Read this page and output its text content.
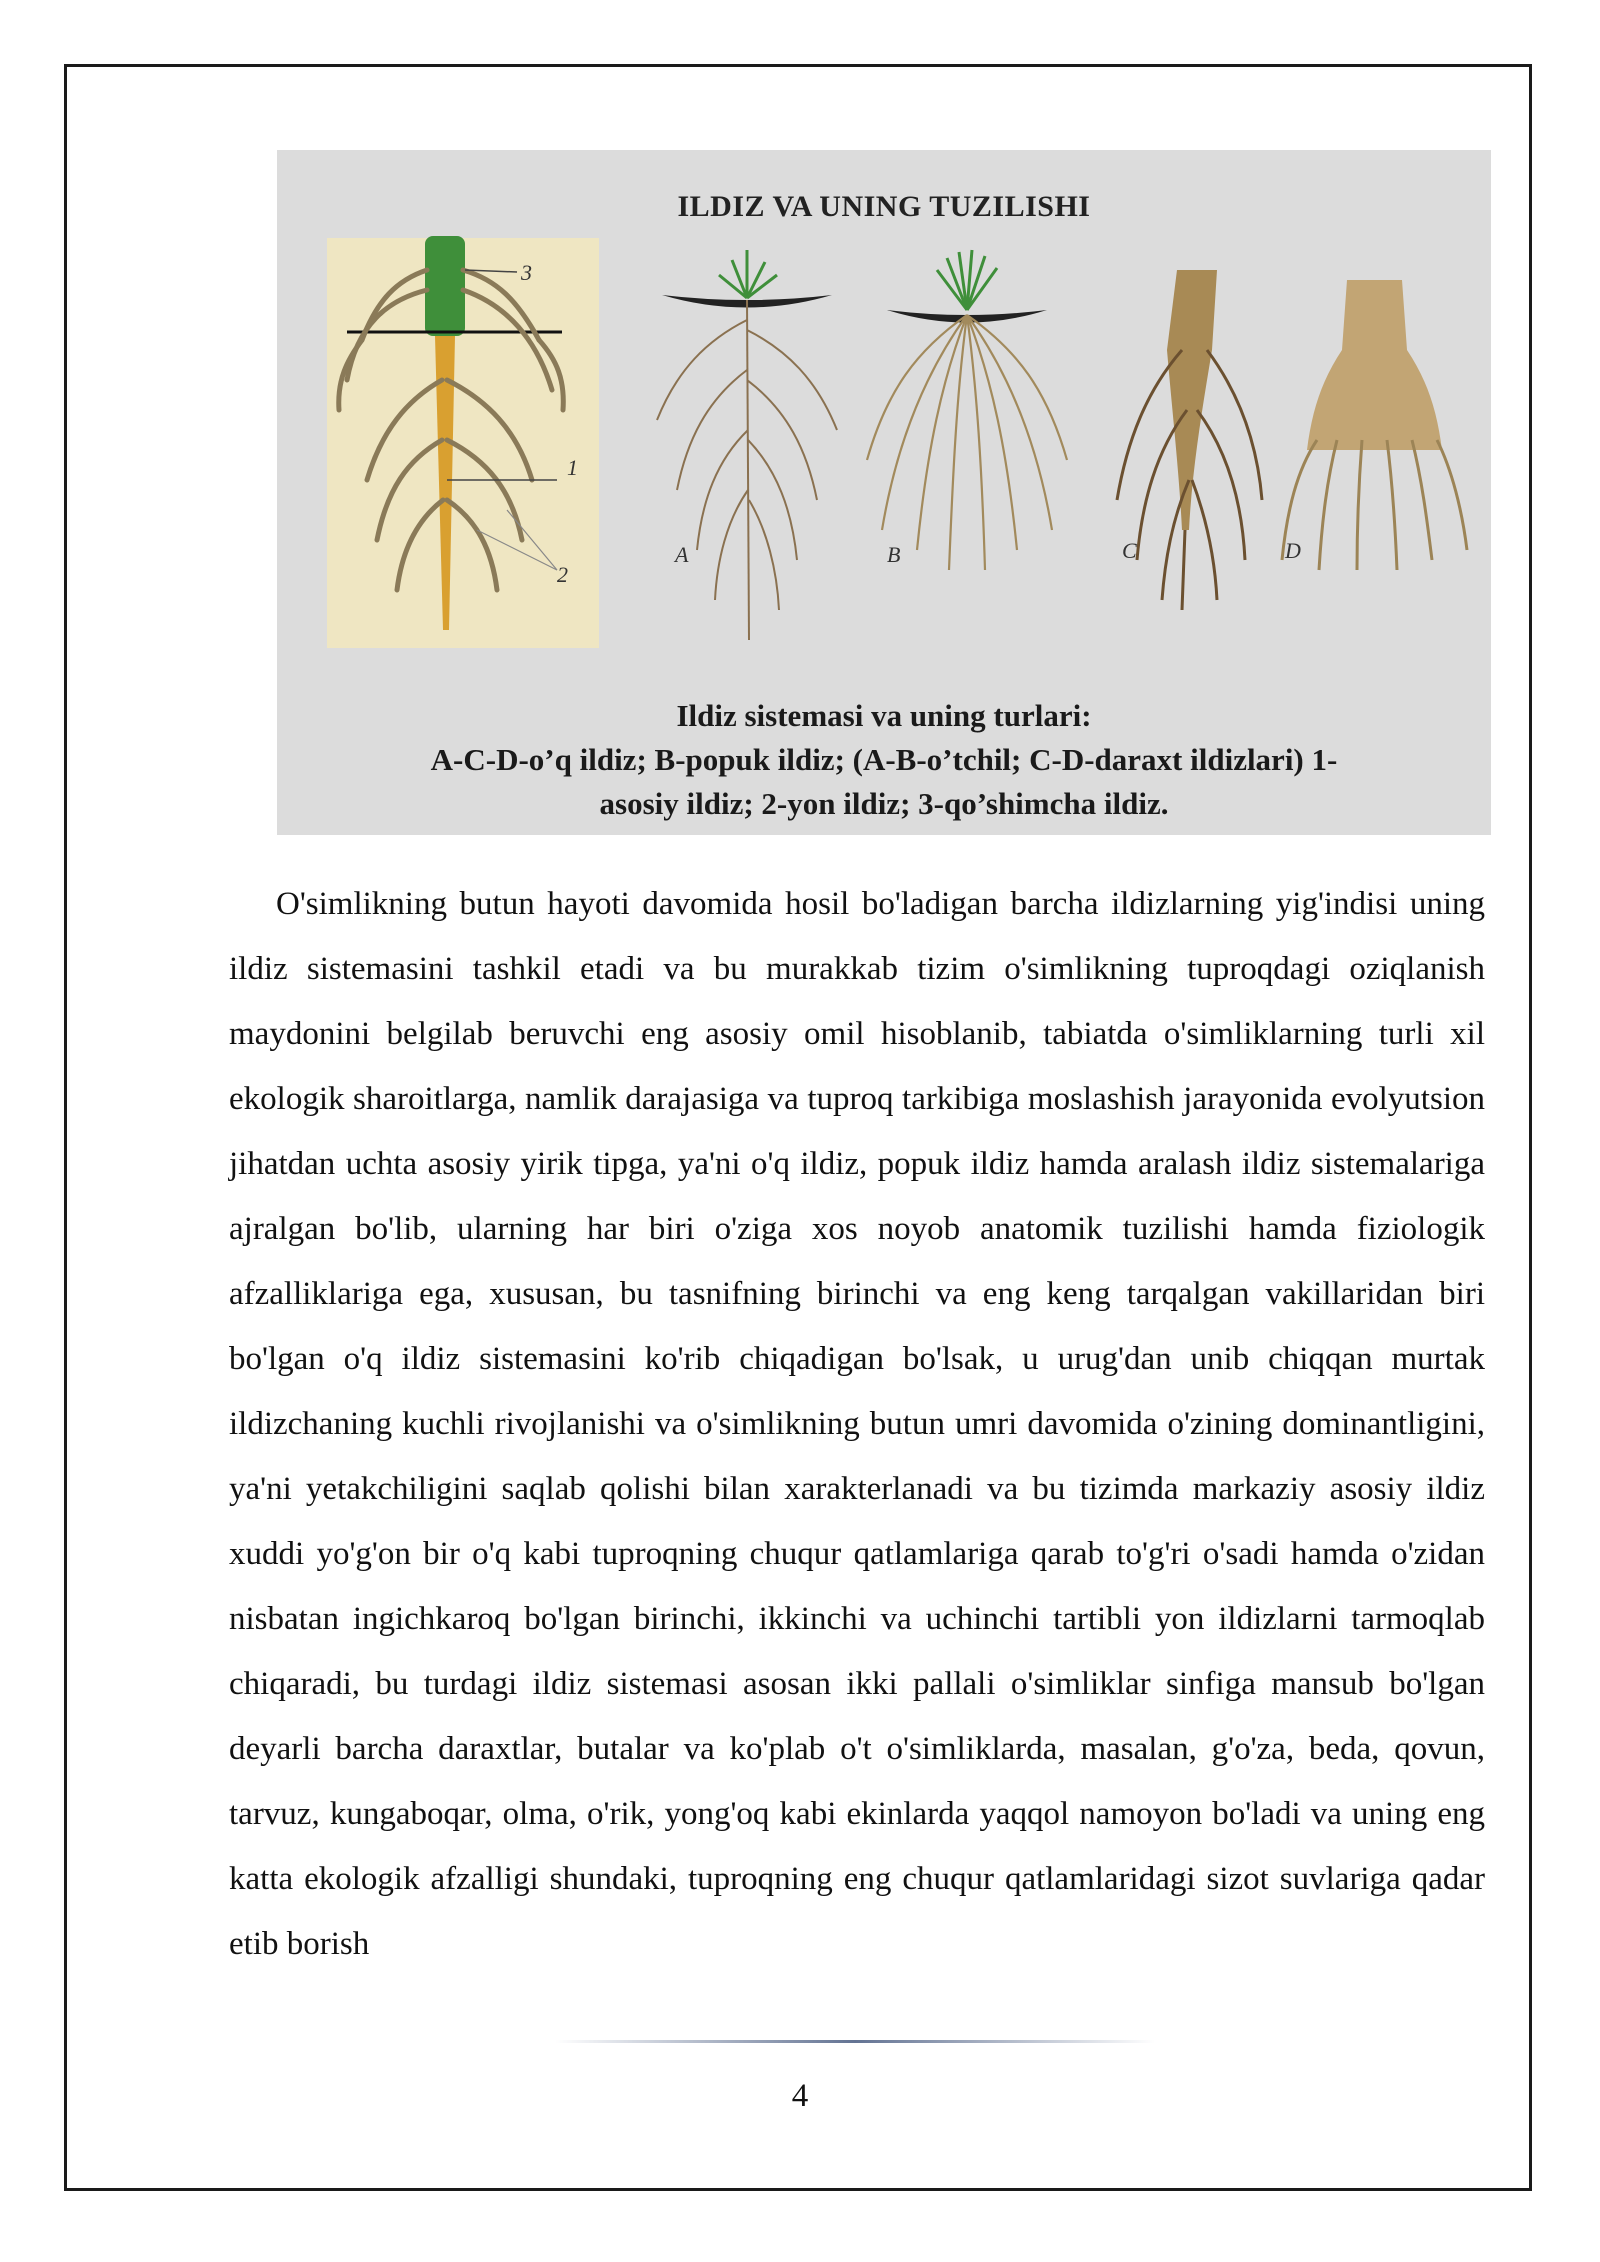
ILDIZ VA UNING TUZILISHI
3
1
2
A	B	C	D
Ildiz sistemasi va uning turlari:
A-C-D-o’q ildiz; B-popuk ildiz; (A-B-o’tchil; C-D-daraxt ildizlari) 1-
asosiy ildiz; 2-yon ildiz; 3-qo’shimcha ildiz.

O'simlikning butun hayoti davomida hosil bo'ladigan barcha ildizlarning yig'indisi uning ildiz sistemasini tashkil etadi va bu murakkab tizim o'simlikning tuproqdagi oziqlanish maydonini belgilab beruvchi eng asosiy omil hisoblanib, tabiatda o'simliklarning turli xil ekologik sharoitlarga, namlik darajasiga va tuproq tarkibiga moslashish jarayonida evolyutsion jihatdan uchta asosiy yirik tipga, ya'ni o'q ildiz, popuk ildiz hamda aralash ildiz sistemalariga ajralgan bo'lib, ularning har biri o'ziga xos noyob anatomik tuzilishi hamda fiziologik afzalliklariga ega, xususan, bu tasnifning birinchi va eng keng tarqalgan vakillaridan biri bo'lgan o'q ildiz sistemasini ko'rib chiqadigan bo'lsak, u urug'dan unib chiqqan murtak ildizchaning kuchli rivojlanishi va o'simlikning butun umri davomida o'zining dominantligini, ya'ni yetakchiligini saqlab qolishi bilan xarakterlanadi va bu tizimda markaziy asosiy ildiz xuddi yo'g'on bir o'q kabi tuproqning chuqur qatlamlariga qarab to'g'ri o'sadi hamda o'zidan nisbatan ingichkaroq bo'lgan birinchi, ikkinchi va uchinchi tartibli yon ildizlarni tarmoqlab chiqaradi, bu turdagi ildiz sistemasi asosan ikki pallali o'simliklar sinfiga mansub bo'lgan deyarli barcha daraxtlar, butalar va ko'plab o't o'simliklarda, masalan, g'o'za, beda, qovun, tarvuz, kungaboqar, olma, o'rik, yong'oq kabi ekinlarda yaqqol namoyon bo'ladi va uning eng katta ekologik afzalligi shundaki, tuproqning eng chuqur qatlamlaridagi sizot suvlariga qadar etib borish

4
